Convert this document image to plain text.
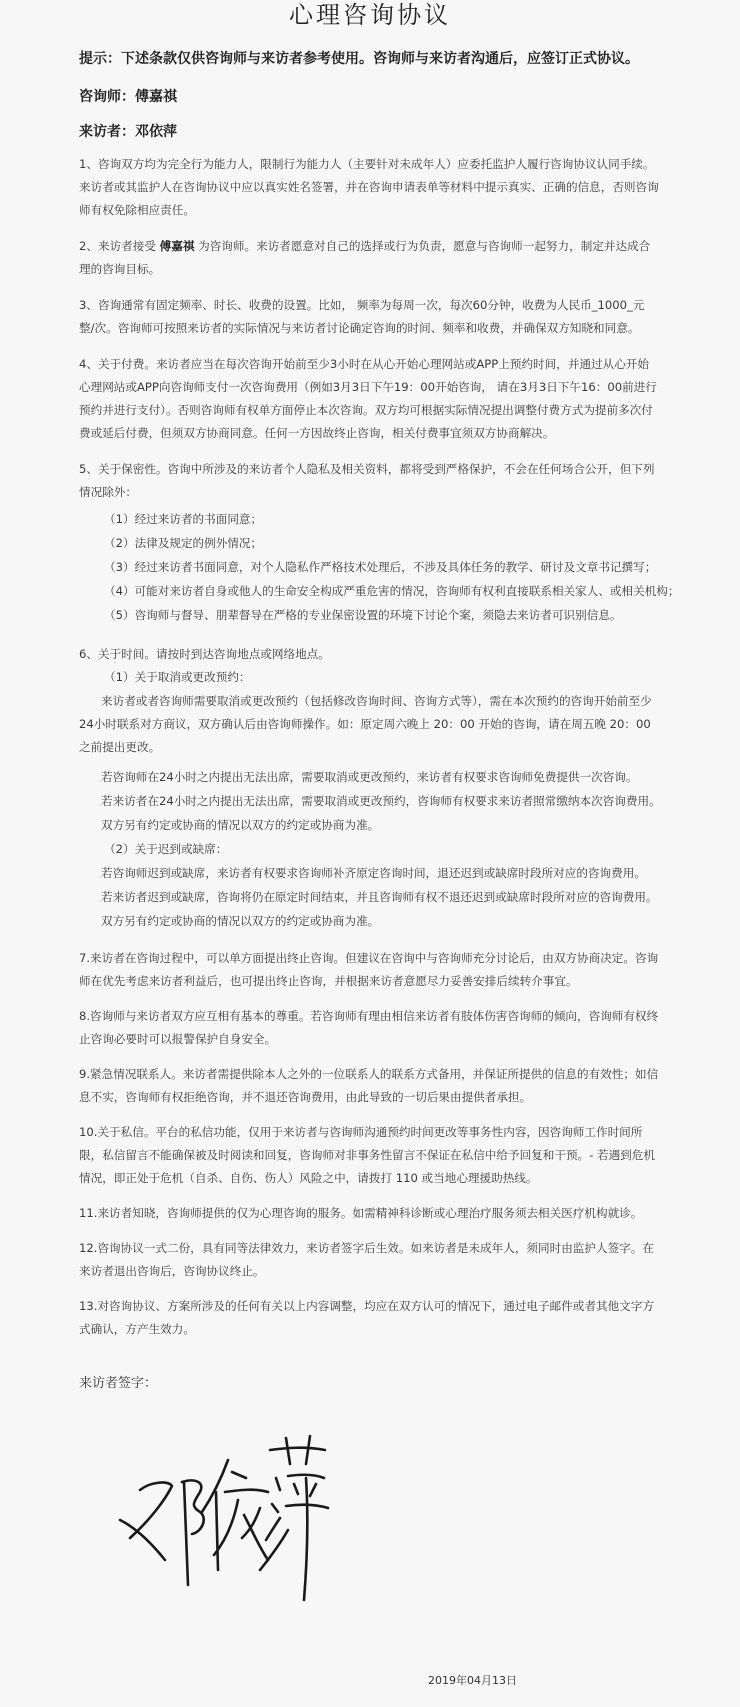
心理咨询协议
提示：下述条款仅供咨询师与来访者参考使用。咨询师与来访者沟通后，应签订正式协议。
咨询师：傅嘉祺
来访者：邓依萍
1、咨询双方均为完全行为能力人，限制行为能力人（主要针对未成年人）应委托监护人履行咨询协议认同手续。来访者或其监护人在咨询协议中应以真实姓名签署，并在咨询申请表单等材料中提示真实、正确的信息，否则咨询师有权免除相应责任。
2、来访者接受 傅嘉祺 为咨询师。来访者愿意对自己的选择或行为负责，愿意与咨询师一起努力，制定并达成合理的咨询目标。
3、咨询通常有固定频率、时长、收费的设置。比如， 频率为每周一次，每次60分钟，收费为人民币_1000_元整/次。咨询师可按照来访者的实际情况与来访者讨论确定咨询的时间、频率和收费，并确保双方知晓和同意。
4、关于付费。来访者应当在每次咨询开始前至少3小时在从心开始心理网站或APP上预约时间，并通过从心开始心理网站或APP向咨询师支付一次咨询费用（例如3月3日下午19：00开始咨询， 请在3月3日下午16：00前进行预约并进行支付）。否则咨询师有权单方面停止本次咨询。双方均可根据实际情况提出调整付费方式为提前多次付费或延后付费，但须双方协商同意。任何一方因故终止咨询，相关付费事宜须双方协商解决。
5、关于保密性。咨询中所涉及的来访者个人隐私及相关资料，都将受到严格保护，不会在任何场合公开，但下列情况除外：
（1）经过来访者的书面同意；
（2）法律及规定的例外情况；
（3）经过来访者书面同意，对个人隐私作严格技术处理后，不涉及具体任务的教学、研讨及文章书记撰写；
（4）可能对来访者自身或他人的生命安全构成严重危害的情况，咨询师有权利直接联系相关家人、或相关机构；
（5）咨询师与督导、朋辈督导在严格的专业保密设置的环境下讨论个案，须隐去来访者可识别信息。
6、关于时间。请按时到达咨询地点或网络地点。
（1）关于取消或更改预约：
来访者或者咨询师需要取消或更改预约（包括修改咨询时间、咨询方式等），需在本次预约的咨询开始前至少24小时联系对方商议，双方确认后由咨询师操作。如：原定周六晚上 20：00 开始的咨询，请在周五晚 20：00 之前提出更改。
若咨询师在24小时之内提出无法出席，需要取消或更改预约，来访者有权要求咨询师免费提供一次咨询。
若来访者在24小时之内提出无法出席，需要取消或更改预约，咨询师有权要求来访者照常缴纳本次咨询费用。
双方另有约定或协商的情况以双方的约定或协商为准。
（2）关于迟到或缺席：
若咨询师迟到或缺席，来访者有权要求咨询师补齐原定咨询时间，退还迟到或缺席时段所对应的咨询费用。
若来访者迟到或缺席，咨询将仍在原定时间结束，并且咨询师有权不退还迟到或缺席时段所对应的咨询费用。
双方另有约定或协商的情况以双方的约定或协商为准。
7.来访者在咨询过程中，可以单方面提出终止咨询。但建议在咨询中与咨询师充分讨论后，由双方协商决定。咨询师在优先考虑来访者利益后，也可提出终止咨询，并根据来访者意愿尽力妥善安排后续转介事宜。
8.咨询师与来访者双方应互相有基本的尊重。若咨询师有理由相信来访者有肢体伤害咨询师的倾向，咨询师有权终止咨询必要时可以报警保护自身安全。
9.紧急情况联系人。来访者需提供除本人之外的一位联系人的联系方式备用，并保证所提供的信息的有效性；如信息不实，咨询师有权拒绝咨询，并不退还咨询费用，由此导致的一切后果由提供者承担。
10.关于私信。平台的私信功能，仅用于来访者与咨询师沟通预约时间更改等事务性内容，因咨询师工作时间所限，私信留言不能确保被及时阅读和回复，咨询师对非事务性留言不保证在私信中给予回复和干预。- 若遇到危机情况，即正处于危机（自杀、自伤、伤人）风险之中，请拨打 110 或当地心理援助热线。
11.来访者知晓，咨询师提供的仅为心理咨询的服务。如需精神科诊断或心理治疗服务须去相关医疗机构就诊。
12.咨询协议一式二份，具有同等法律效力，来访者签字后生效。如来访者是未成年人，须同时由监护人签字。在来访者退出咨询后，咨询协议终止。
13.对咨询协议、方案所涉及的任何有关以上内容调整，均应在双方认可的情况下，通过电子邮件或者其他文字方式确认，方产生效力。
来访者签字：
2019年04月13日
